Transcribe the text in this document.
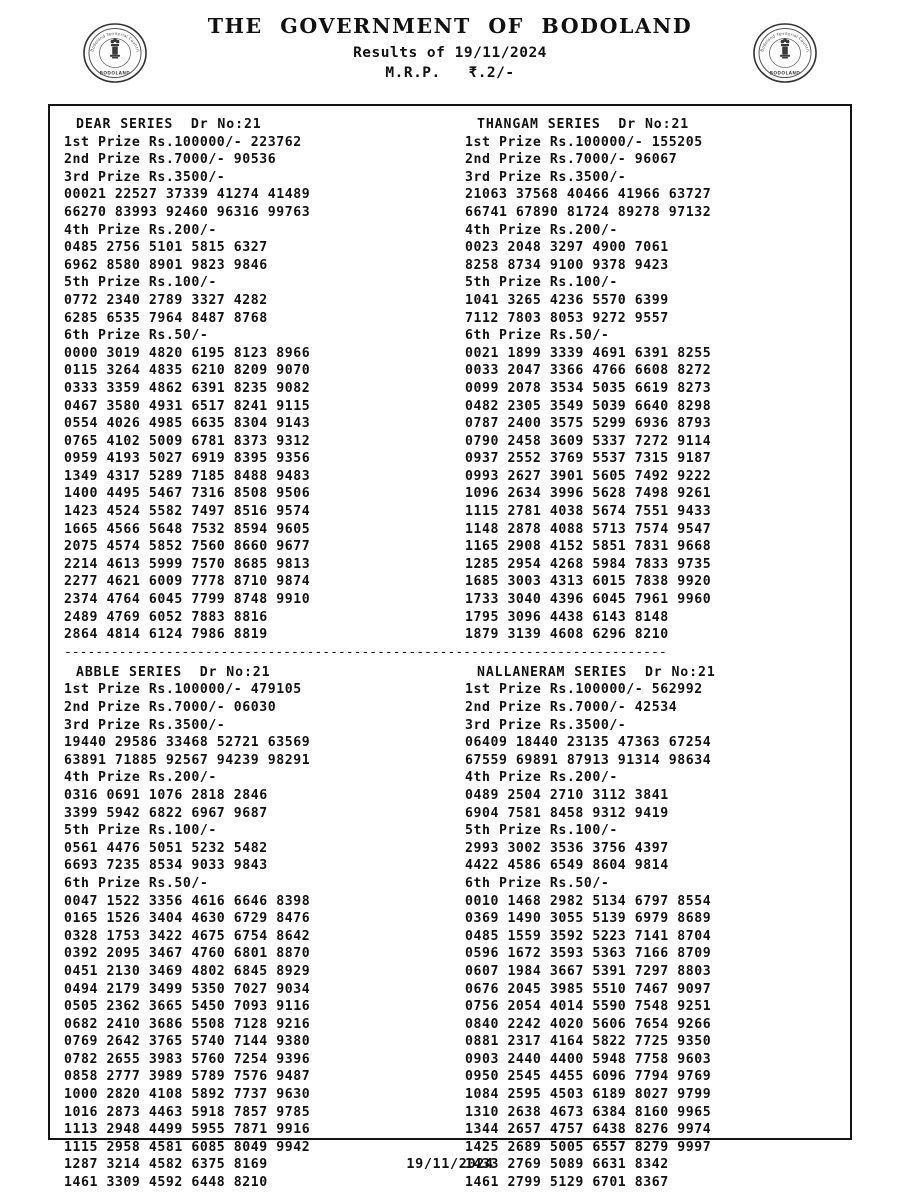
BODOLAND
Bodoland Territorial Council
THE  GOVERNMENT  OF  BODOLAND
Results of 19/11/2024
M.R.P.   ₹.2/-	BODOLAND
Bodoland Territorial Council
DEAR SERIES  Dr No:21
1st Prize Rs.100000/- 223762
2nd Prize Rs.7000/- 90536
3rd Prize Rs.3500/-
00021 22527 37339 41274 41489
66270 83993 92460 96316 99763
4th Prize Rs.200/-
0485 2756 5101 5815 6327
6962 8580 8901 9823 9846
5th Prize Rs.100/-
0772 2340 2789 3327 4282
6285 6535 7964 8487 8768
6th Prize Rs.50/-
0000 3019 4820 6195 8123 8966
0115 3264 4835 6210 8209 9070
0333 3359 4862 6391 8235 9082
0467 3580 4931 6517 8241 9115
0554 4026 4985 6635 8304 9143
0765 4102 5009 6781 8373 9312
0959 4193 5027 6919 8395 9356
1349 4317 5289 7185 8488 9483
1400 4495 5467 7316 8508 9506
1423 4524 5582 7497 8516 9574
1665 4566 5648 7532 8594 9605
2075 4574 5852 7560 8660 9677
2214 4613 5999 7570 8685 9813
2277 4621 6009 7778 8710 9874
2374 4764 6045 7799 8748 9910
2489 4769 6052 7883 8816
2864 4814 6124 7986 8819
THANGAM SERIES  Dr No:21
1st Prize Rs.100000/- 155205
2nd Prize Rs.7000/- 96067
3rd Prize Rs.3500/-
21063 37568 40466 41966 63727
66741 67890 81724 89278 97132
4th Prize Rs.200/-
0023 2048 3297 4900 7061
8258 8734 9100 9378 9423
5th Prize Rs.100/-
1041 3265 4236 5570 6399
7112 7803 8053 9272 9557
6th Prize Rs.50/-
0021 1899 3339 4691 6391 8255
0033 2047 3366 4766 6608 8272
0099 2078 3534 5035 6619 8273
0482 2305 3549 5039 6640 8298
0787 2400 3575 5299 6936 8793
0790 2458 3609 5337 7272 9114
0937 2552 3769 5537 7315 9187
0993 2627 3901 5605 7492 9222
1096 2634 3996 5628 7498 9261
1115 2781 4038 5674 7551 9433
1148 2878 4088 5713 7574 9547
1165 2908 4152 5851 7831 9668
1285 2954 4268 5984 7833 9735
1685 3003 4313 6015 7838 9920
1733 3040 4396 6045 7961 9960
1795 3096 4438 6143 8148
1879 3139 4608 6296 8210
-----------------------------------------------------------------------------
ABBLE SERIES  Dr No:21
1st Prize Rs.100000/- 479105
2nd Prize Rs.7000/- 06030
3rd Prize Rs.3500/-
19440 29586 33468 52721 63569
63891 71885 92567 94239 98291
4th Prize Rs.200/-
0316 0691 1076 2818 2846
3399 5942 6822 6967 9687
5th Prize Rs.100/-
0561 4476 5051 5232 5482
6693 7235 8534 9033 9843
6th Prize Rs.50/-
0047 1522 3356 4616 6646 8398
0165 1526 3404 4630 6729 8476
0328 1753 3422 4675 6754 8642
0392 2095 3467 4760 6801 8870
0451 2130 3469 4802 6845 8929
0494 2179 3499 5350 7027 9034
0505 2362 3665 5450 7093 9116
0682 2410 3686 5508 7128 9216
0769 2642 3765 5740 7144 9380
0782 2655 3983 5760 7254 9396
0858 2777 3989 5789 7576 9487
1000 2820 4108 5892 7737 9630
1016 2873 4463 5918 7857 9785
1113 2948 4499 5955 7871 9916
1115 2958 4581 6085 8049 9942
1287 3214 4582 6375 8169
1461 3309 4592 6448 8210
NALLANERAM SERIES  Dr No:21
1st Prize Rs.100000/- 562992
2nd Prize Rs.7000/- 42534
3rd Prize Rs.3500/-
06409 18440 23135 47363 67254
67559 69891 87913 91314 98634
4th Prize Rs.200/-
0489 2504 2710 3112 3841
6904 7581 8458 9312 9419
5th Prize Rs.100/-
2993 3002 3536 3756 4397
4422 4586 6549 8604 9814
6th Prize Rs.50/-
0010 1468 2982 5134 6797 8554
0369 1490 3055 5139 6979 8689
0485 1559 3592 5223 7141 8704
0596 1672 3593 5363 7166 8709
0607 1984 3667 5391 7297 8803
0676 2045 3985 5510 7467 9097
0756 2054 4014 5590 7548 9251
0840 2242 4020 5606 7654 9266
0881 2317 4164 5822 7725 9350
0903 2440 4400 5948 7758 9603
0950 2545 4455 6096 7794 9769
1084 2595 4503 6189 8027 9799
1310 2638 4673 6384 8160 9965
1344 2657 4757 6438 8276 9974
1425 2689 5005 6557 8279 9997
1433 2769 5089 6631 8342
1461 2799 5129 6701 8367
19/11/2024
